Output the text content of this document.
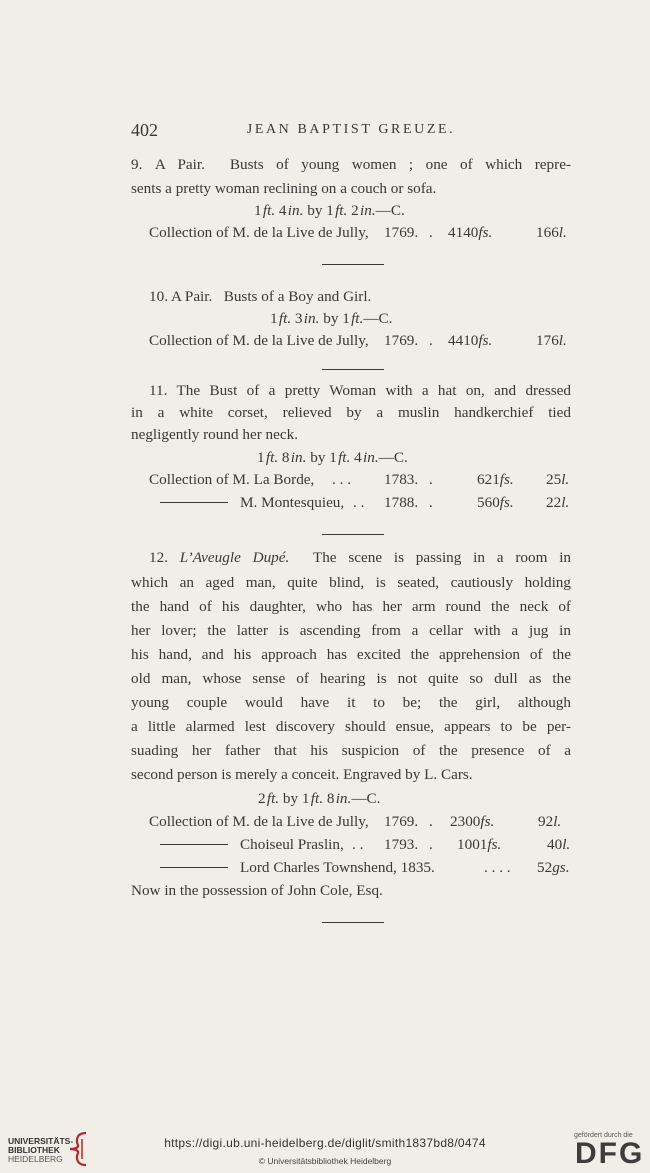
402	JEAN BAPTIST GREUZE.
9. A Pair. Busts of young women ; one of which repre-
sents a pretty woman reclining on a couch or sofa.
1 ft. 4 in. by 1 ft. 2 in.—C.
Collection of M. de la Live de Jully, 1769. . 4140fs.	166l.
10. A Pair. Busts of a Boy and Girl.
1 ft. 3 in. by 1 ft.—C.
Collection of M. de la Live de Jully, 1769. . 4410fs.	176l.
11. The Bust of a pretty Woman with a hat on, and dressed
in a white corset, relieved by a muslin handkerchief tied
negligently round her neck.
1 ft. 8 in. by 1 ft. 4 in.—C.
Collection of M. La Borde, . . . 1783. .	621fs. 25l.
M. Montesquieu, . . 1788. .	560fs. 22l.
12. L’Aveugle Dupé. The scene is passing in a room in
which an aged man, quite blind, is seated, cautiously holding
the hand of his daughter, who has her arm round the neck of
her lover; the latter is ascending from a cellar with a jug in
his hand, and his approach has excited the apprehension of the
old man, whose sense of hearing is not quite so dull as the
young couple would have it to be; the girl, although
a little alarmed lest discovery should ensue, appears to be per-
suading her father that his suspicion of the presence of a
second person is merely a conceit. Engraved by L. Cars.
2 ft. by 1 ft. 8 in.—C.
Collection of M. de la Live de Jully, 1769. . 2300fs.	92l.
Choiseul Praslin, . . 1793. . 1001fs.	40l.
Lord Charles Townshend, 1835.	. . . . 52gs.
Now in the possession of John Cole, Esq.
UNIVERSITÄTS-
BIBLIOTHEK
HEIDELBERG
https://digi.ub.uni-heidelberg.de/diglit/smith1837bd8/0474
© Universitätsbibliothek Heidelberg
gefördert durch die
DFG
